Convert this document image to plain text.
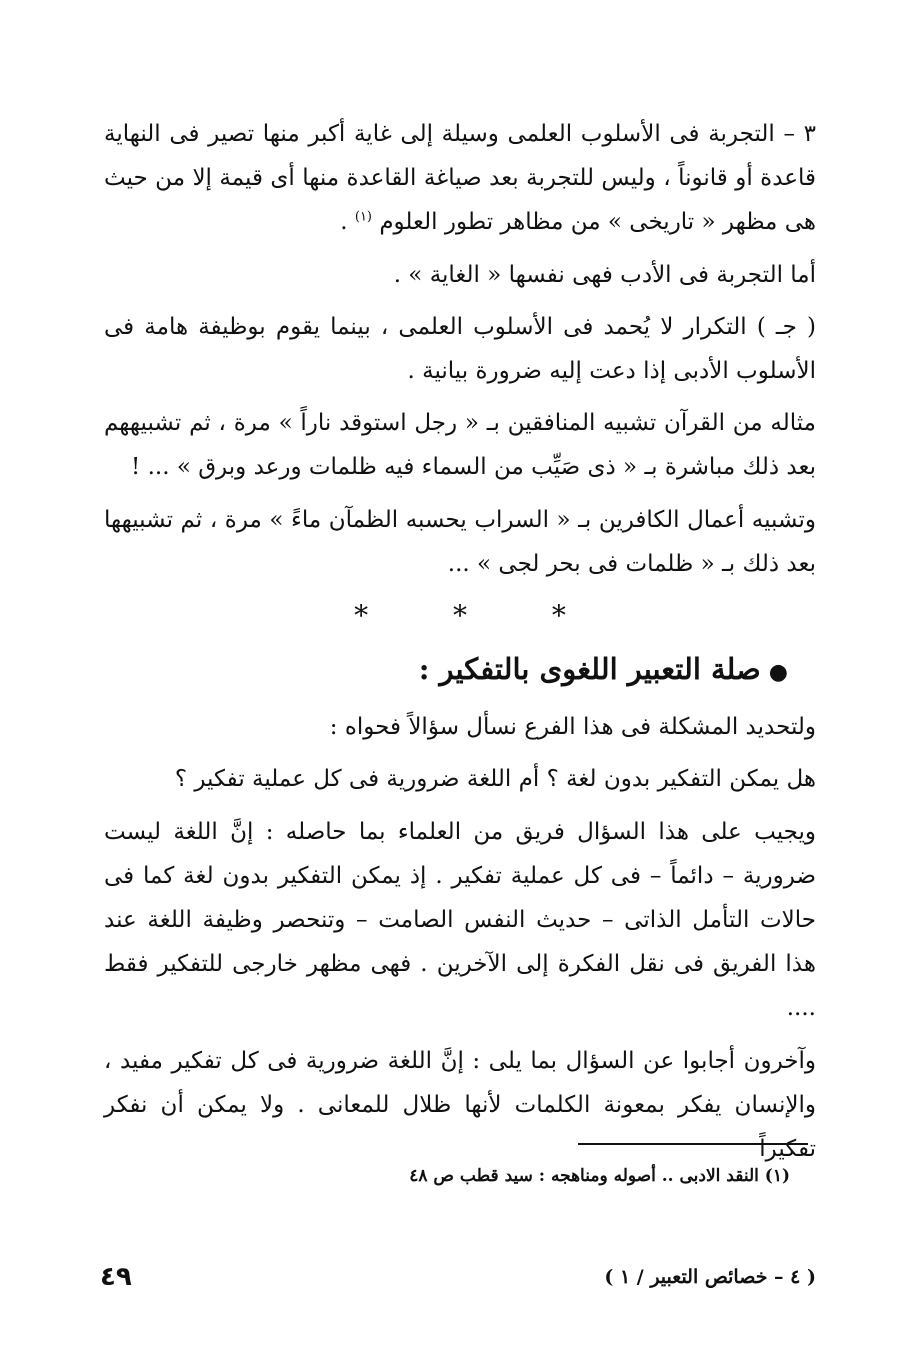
٣ – التجربة فى الأسلوب العلمى وسيلة إلى غاية أكبر منها تصير فى النهاية قاعدة أو قانوناً ، وليس للتجربة بعد صياغة القاعدة منها أى قيمة إلا من حيث هى مظهر « تاريخى » من مظاهر تطور العلوم $^{(١)}$ .

أما التجربة فى الأدب فهى نفسها « الغاية » .

( جـ ) التكرار لا يُحمد فى الأسلوب العلمى ، بينما يقوم بوظيفة هامة فى الأسلوب الأدبى إذا دعت إليه ضرورة بيانية .

مثاله من القرآن تشبيه المنافقين بـ « رجل استوقد ناراً » مرة ، ثم تشبيههم بعد ذلك مباشرة بـ « ذى صَيِّب من السماء فيه ظلمات ورعد وبرق » ... !

وتشبيه أعمال الكافرين بـ « السراب يحسبه الظمآن ماءً » مرة ، ثم تشبيهها بعد ذلك بـ « ظلمات فى بحر لجى » ...

* * *
●صلة التعبير اللغوى بالتفكير :

ولتحديد المشكلة فى هذا الفرع نسأل سؤالاً فحواه :

هل يمكن التفكير بدون لغة ؟ أم اللغة ضرورية فى كل عملية تفكير ؟

ويجيب على هذا السؤال فريق من العلماء بما حاصله : إنَّ اللغة ليست ضرورية – دائماً – فى كل عملية تفكير . إذ يمكن التفكير بدون لغة كما فى حالات التأمل الذاتى – حديث النفس الصامت – وتنحصر وظيفة اللغة عند هذا الفريق فى نقل الفكرة إلى الآخرين . فهى مظهر خارجى للتفكير فقط ....

وآخرون أجابوا عن السؤال بما يلى : إنَّ اللغة ضرورية فى كل تفكير مفيد ، والإنسان يفكر بمعونة الكلمات لأنها ظلال للمعانى . ولا يمكن أن نفكر تفكيراً

(١) النقد الادبى .. أصوله ومناهجه : سيد قطب ص ٤٨
٤٩	( ٤ – خصائص التعبير / ١ )
